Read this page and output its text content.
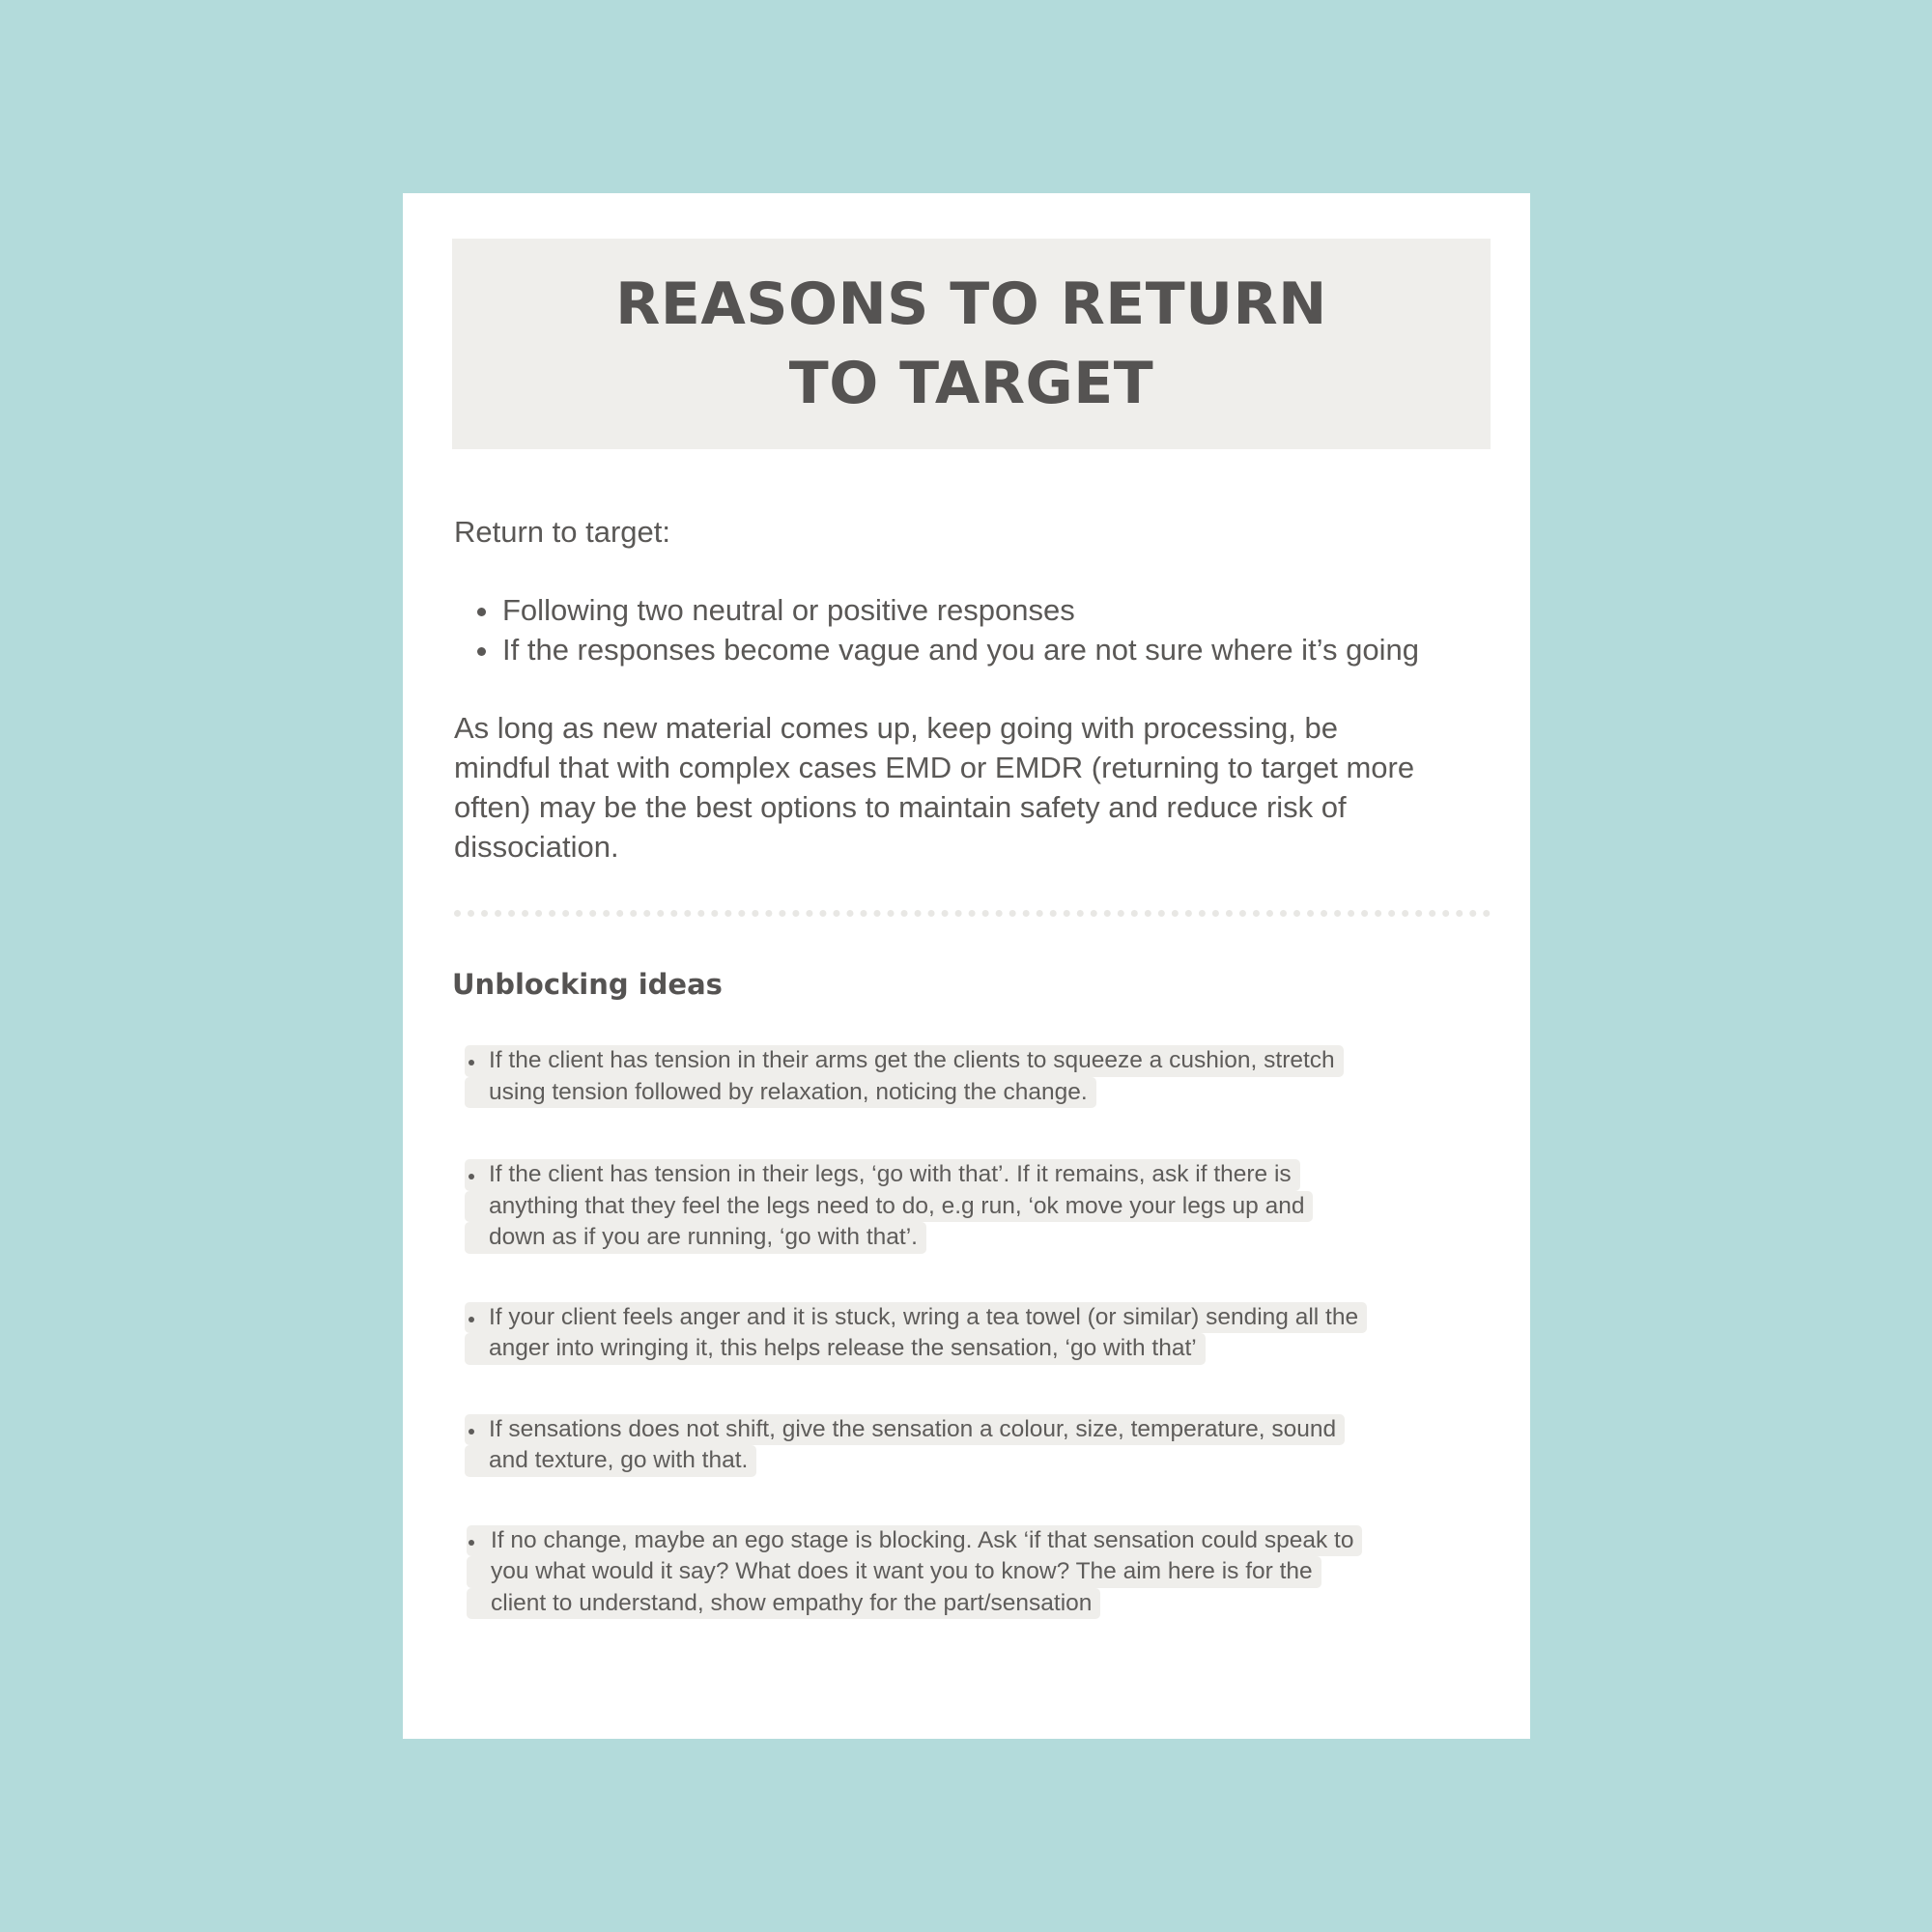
REASONS TO RETURN
TO TARGET

Return to target:

Following two neutral or positive responses
If the responses become vague and you are not sure where it’s going

As long as new material comes up, keep going with processing, be
mindful that with complex cases EMD or EMDR (returning to target more
often) may be the best options to maintain safety and reduce risk of
dissociation.

Unblocking ideas
If the client has tension in their arms get the clients to squeeze a cushion, stretch
using tension followed by relaxation, noticing the change.
If the client has tension in their legs, ‘go with that’. If it remains, ask if there is
anything that they feel the legs need to do, e.g run, ‘ok move your legs up and
down as if you are running, ‘go with that’.
If your client feels anger and it is stuck, wring a tea towel (or similar) sending all the
anger into wringing it, this helps release the sensation, ‘go with that’
If sensations does not shift, give the sensation a colour, size, temperature, sound
and texture, go with that.
If no change, maybe an ego stage is blocking. Ask ‘if that sensation could speak to
you what would it say? What does it want you to know? The aim here is for the
client to understand, show empathy for the part/sensation
